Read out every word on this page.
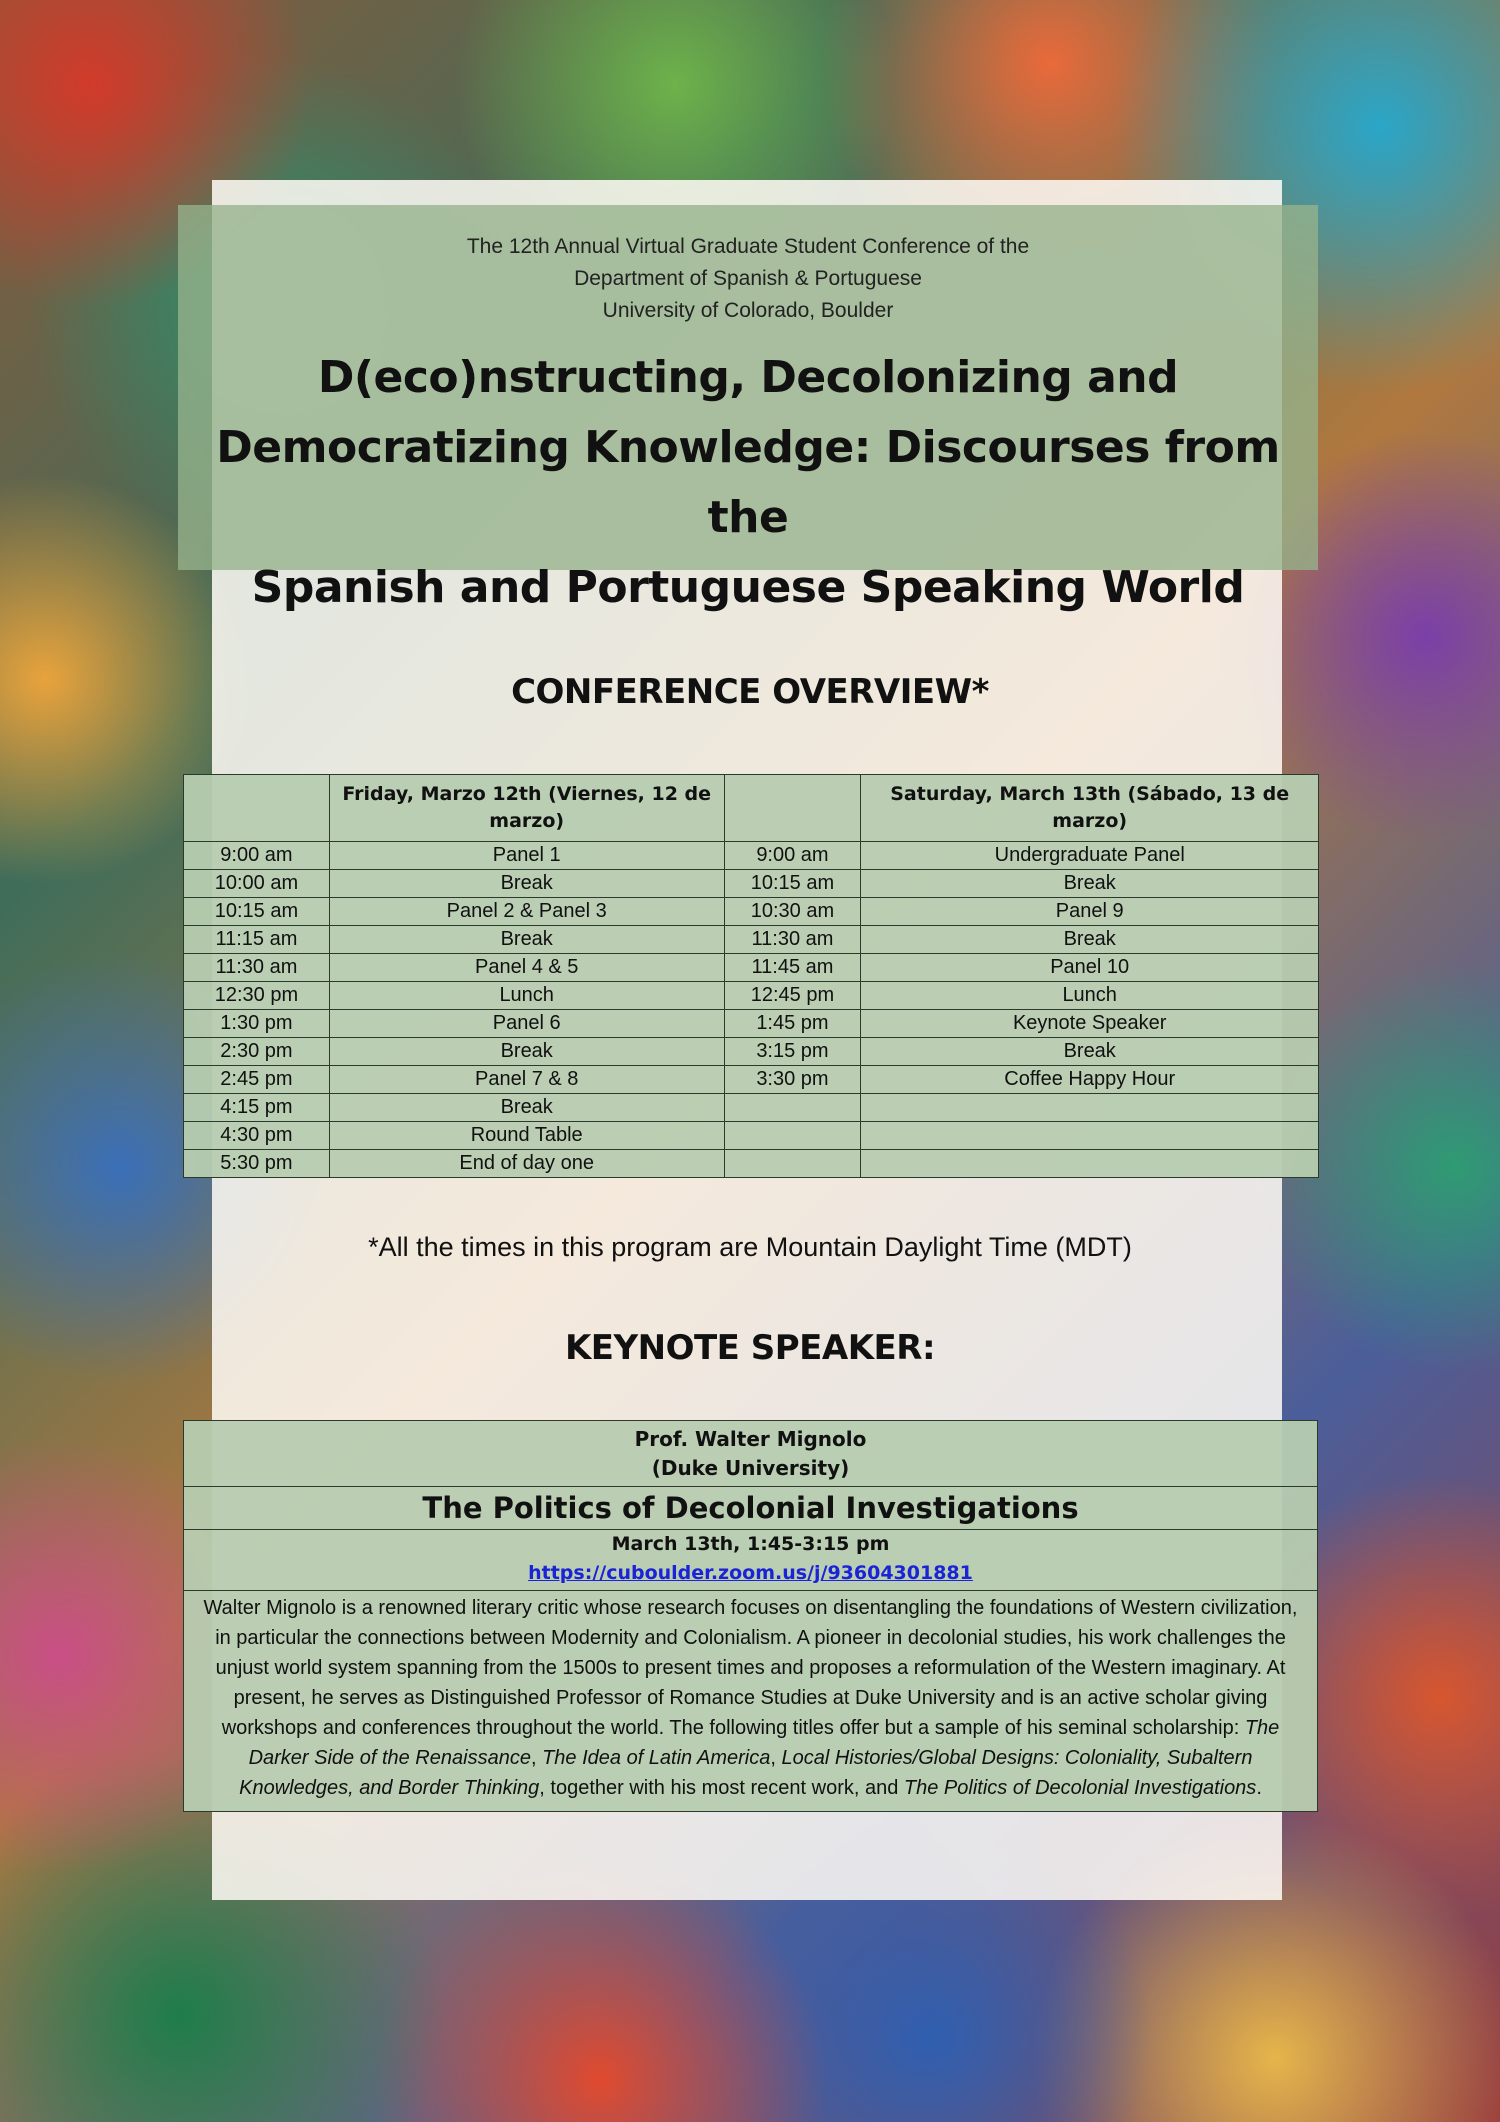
The 12th Annual Virtual Graduate Student Conference of the
Department of Spanish & Portuguese
University of Colorado, Boulder
D(eco)nstructing, Decolonizing and
Democratizing Knowledge: Discourses from the
Spanish and Portuguese Speaking World
CONFERENCE OVERVIEW*
	Friday, Marzo 12th (Viernes, 12 de marzo)		Saturday, March 13th (Sábado, 13 de marzo)
9:00 am	Panel 1	9:00 am	Undergraduate Panel
10:00 am	Break	10:15 am	Break
10:15 am	Panel 2 & Panel 3	10:30 am	Panel 9
11:15 am	Break	11:30 am	Break
11:30 am	Panel 4 & 5	11:45 am	Panel 10
12:30 pm	Lunch	12:45 pm	Lunch
1:30 pm	Panel 6	1:45 pm	Keynote Speaker
2:30 pm	Break	3:15 pm	Break
2:45 pm	Panel 7 & 8	3:30 pm	Coffee Happy Hour
4:15 pm	Break		
4:30 pm	Round Table		
5:30 pm	End of day one		
*All the times in this program are Mountain Daylight Time (MDT)
KEYNOTE SPEAKER:
Prof. Walter Mignolo
(Duke University)
The Politics of Decolonial Investigations
March 13th, 1:45-3:15 pm
https://cuboulder.zoom.us/j/93604301881
Walter Mignolo is a renowned literary critic whose research focuses on disentangling the foundations of Western civilization, in particular the connections between Modernity and Colonialism. A pioneer in decolonial studies, his work challenges the unjust world system spanning from the 1500s to present times and proposes a reformulation of the Western imaginary. At present, he serves as Distinguished Professor of Romance Studies at Duke University and is an active scholar giving workshops and conferences throughout the world. The following titles offer but a sample of his seminal scholarship: The Darker Side of the Renaissance, The Idea of Latin America, Local Histories/Global Designs: Coloniality, Subaltern Knowledges, and Border Thinking, together with his most recent work, and The Politics of Decolonial Investigations.
